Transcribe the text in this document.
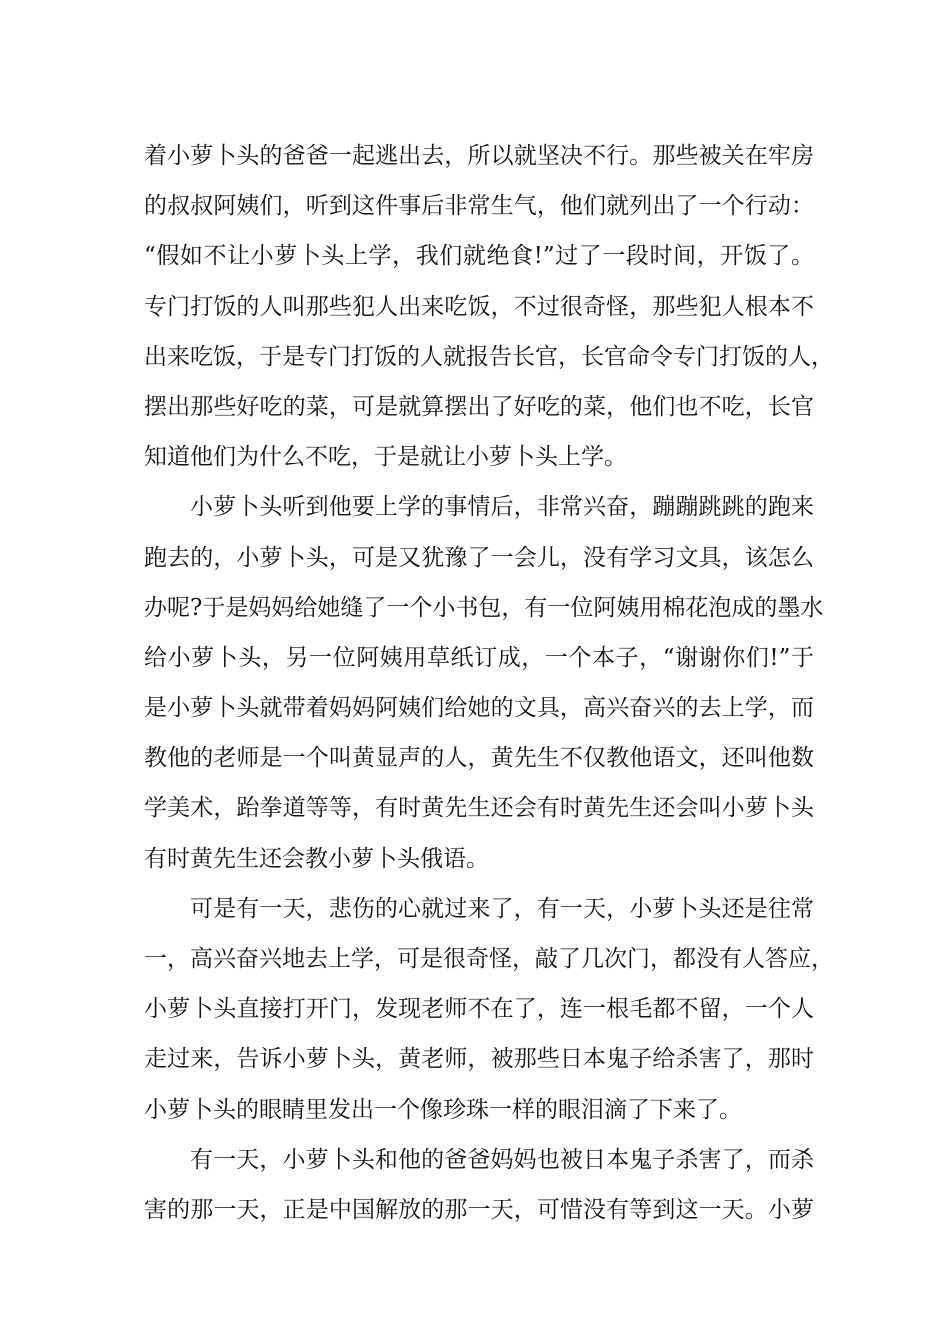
着小萝卜头的爸爸一起逃出去，所以就坚决不行。那些被关在牢房
的叔叔阿姨们，听到这件事后非常生气，他们就列出了一个行动：
“假如不让小萝卜头上学，我们就绝食!”过了一段时间，开饭了。
专门打饭的人叫那些犯人出来吃饭，不过很奇怪，那些犯人根本不
出来吃饭，于是专门打饭的人就报告长官，长官命令专门打饭的人，
摆出那些好吃的菜，可是就算摆出了好吃的菜，他们也不吃，长官
知道他们为什么不吃，于是就让小萝卜头上学。
小萝卜头听到他要上学的事情后，非常兴奋，蹦蹦跳跳的跑来
跑去的，小萝卜头，可是又犹豫了一会儿，没有学习文具，该怎么
办呢?于是妈妈给她缝了一个小书包，有一位阿姨用棉花泡成的墨水
给小萝卜头，另一位阿姨用草纸订成，一个本子，“谢谢你们!”于
是小萝卜头就带着妈妈阿姨们给她的文具，高兴奋兴的去上学，而
教他的老师是一个叫黄显声的人，黄先生不仅教他语文，还叫他数
学美术，跆拳道等等，有时黄先生还会有时黄先生还会叫小萝卜头
有时黄先生还会教小萝卜头俄语。
可是有一天，悲伤的心就过来了，有一天，小萝卜头还是往常
一，高兴奋兴地去上学，可是很奇怪，敲了几次门，都没有人答应，
小萝卜头直接打开门，发现老师不在了，连一根毛都不留，一个人
走过来，告诉小萝卜头，黄老师，被那些日本鬼子给杀害了，那时
小萝卜头的眼睛里发出一个像珍珠一样的眼泪滴了下来了。
有一天，小萝卜头和他的爸爸妈妈也被日本鬼子杀害了，而杀
害的那一天，正是中国解放的那一天，可惜没有等到这一天。小萝
